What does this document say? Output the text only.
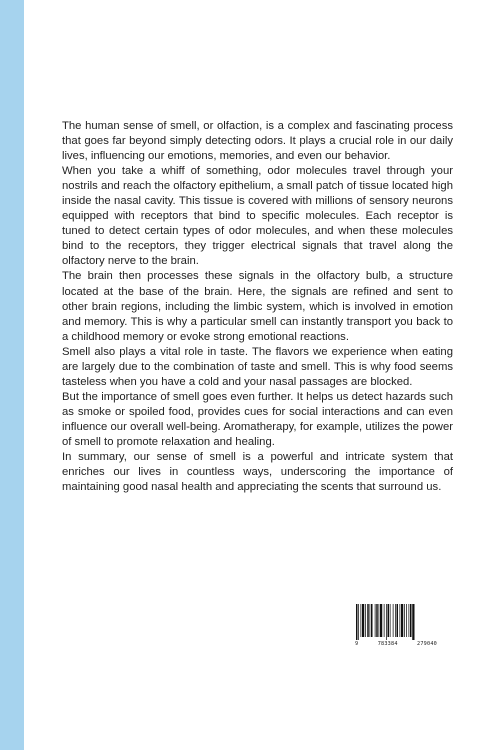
The human sense of smell, or olfaction, is a complex and fascinating process that goes far beyond simply detecting odors. It plays a crucial role in our daily lives, influencing our emotions, memories, and even our behavior.

When you take a whiff of something, odor molecules travel through your nostrils and reach the olfactory epithelium, a small patch of tissue located high inside the nasal cavity. This tissue is covered with millions of sensory neurons equipped with receptors that bind to specific molecules. Each receptor is tuned to detect certain types of odor molecules, and when these molecules bind to the receptors, they trigger electrical signals that travel along the olfactory nerve to the brain.

The brain then processes these signals in the olfactory bulb, a structure located at the base of the brain. Here, the signals are refined and sent to other brain regions, including the limbic system, which is involved in emotion and memory. This is why a particular smell can instantly transport you back to a childhood memory or evoke strong emotional reactions.

Smell also plays a vital role in taste. The flavors we experience when eating are largely due to the combination of taste and smell. This is why food seems tasteless when you have a cold and your nasal passages are blocked.

But the importance of smell goes even further. It helps us detect hazards such as smoke or spoiled food, provides cues for social interactions and can even influence our overall well-being. Aromatherapy, for example, utilizes the power of smell to promote relaxation and healing.

In summary, our sense of smell is a powerful and intricate system that enriches our lives in countless ways, underscoring the importance of maintaining good nasal health and appreciating the scents that surround us.

9	783384	279040
